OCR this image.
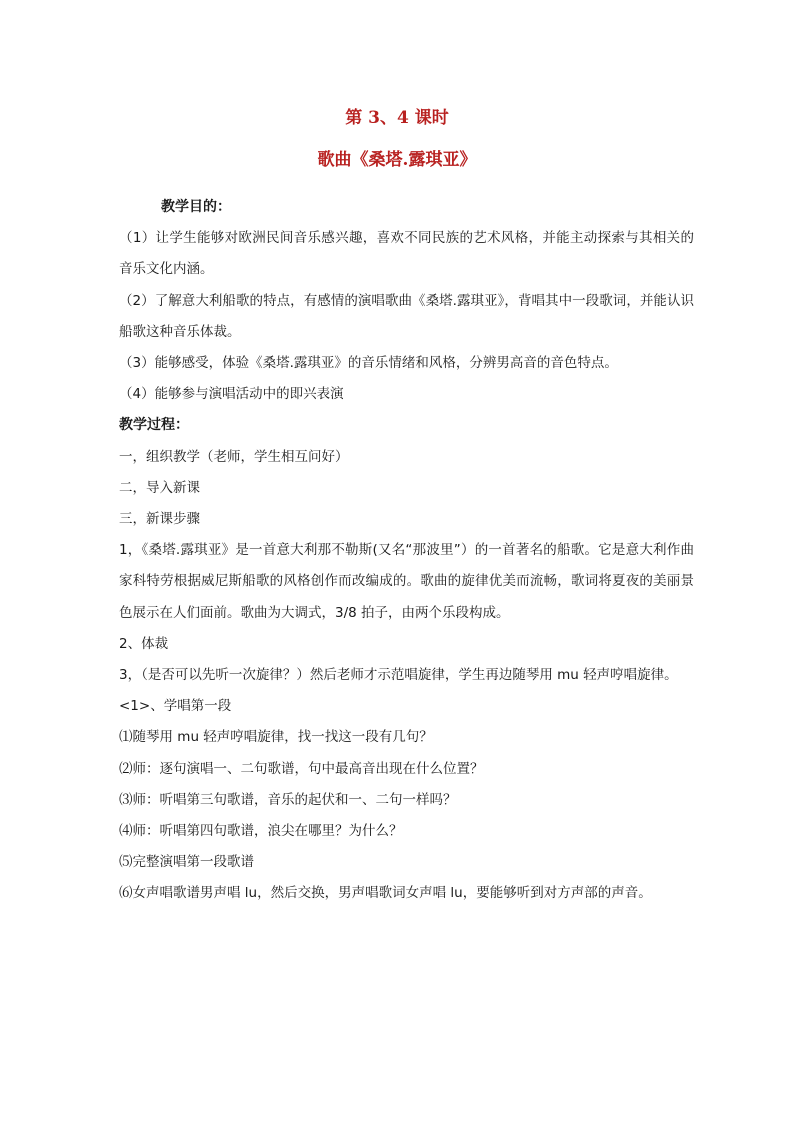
第 3、4 课时
歌曲《桑塔.露琪亚》

教学目的：

（1）让学生能够对欧洲民间音乐感兴趣，喜欢不同民族的艺术风格，并能主动探索与其相关的音乐文化内涵。

（2）了解意大利船歌的特点，有感情的演唱歌曲《桑塔.露琪亚》，背唱其中一段歌词，并能认识船歌这种音乐体裁。

（3）能够感受，体验《桑塔.露琪亚》的音乐情绪和风格，分辨男高音的音色特点。

（4）能够参与演唱活动中的即兴表演

教学过程：

一，组织教学（老师，学生相互问好）

二，导入新课

三，新课步骤

1，《桑塔.露琪亚》是一首意大利那不勒斯(又名“那波里”）的一首著名的船歌。它是意大利作曲家科特劳根据威尼斯船歌的风格创作而改编成的。歌曲的旋律优美而流畅，歌词将夏夜的美丽景色展示在人们面前。歌曲为大调式，3/8 拍子，由两个乐段构成。

2、体裁

3，（是否可以先听一次旋律？）然后老师才示范唱旋律，学生再边随琴用 mu 轻声哼唱旋律。

<1>、学唱第一段

⑴随琴用 mu 轻声哼唱旋律，找一找这一段有几句？

⑵师：逐句演唱一、二句歌谱，句中最高音出现在什么位置？

⑶师：听唱第三句歌谱，音乐的起伏和一、二句一样吗？

⑷师：听唱第四句歌谱，浪尖在哪里？为什么？

⑸完整演唱第一段歌谱

⑹女声唱歌谱男声唱 lu，然后交换，男声唱歌词女声唱 lu，要能够听到对方声部的声音。
